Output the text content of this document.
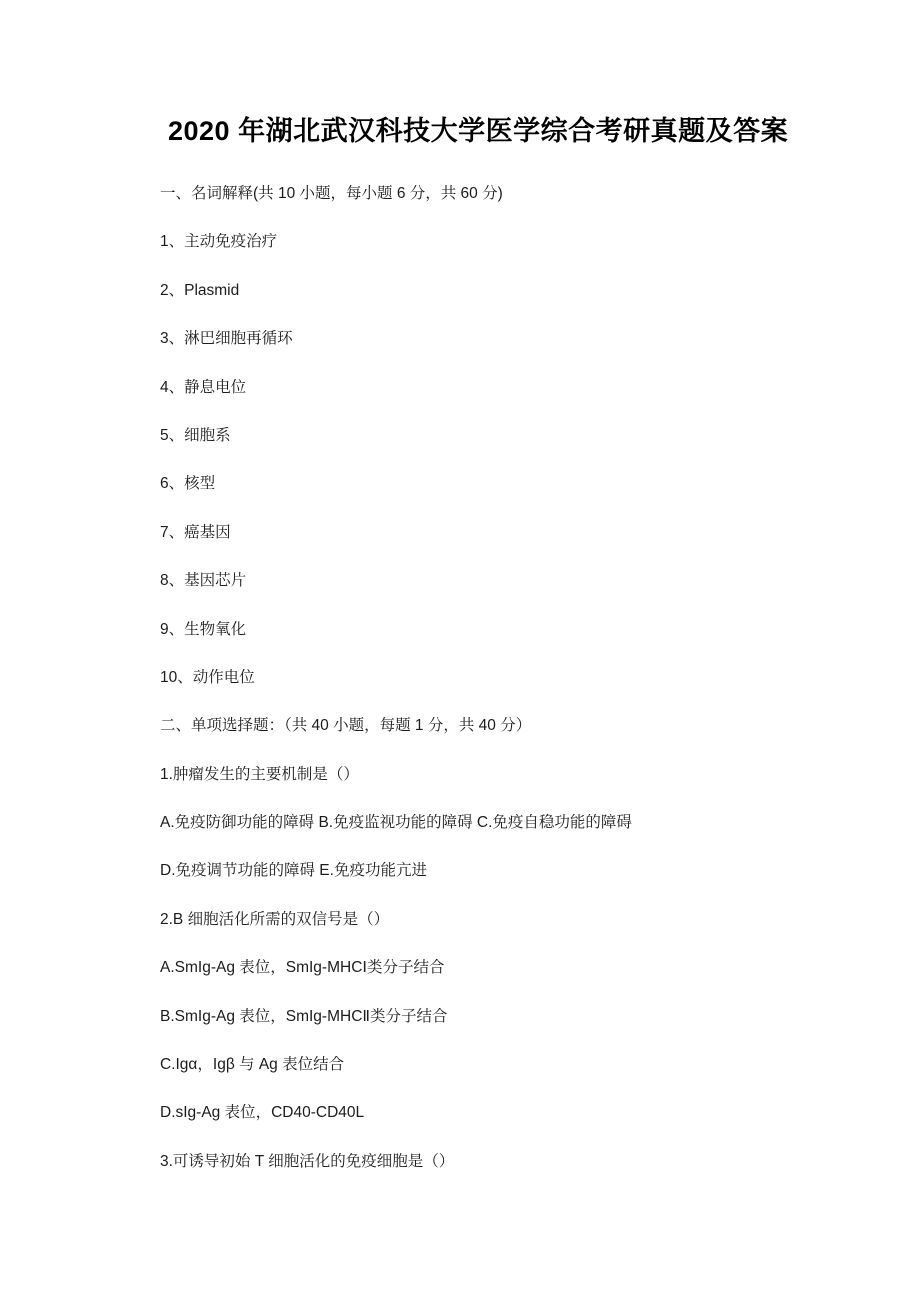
2020 年湖北武汉科技大学医学综合考研真题及答案

一、名词解释(共 10 小题，每小题 6 分，共 60 分)

1、主动免疫治疗

2、Plasmid

3、淋巴细胞再循环

4、静息电位

5、细胞系

6、核型

7、癌基因

8、基因芯片

9、生物氧化

10、动作电位

二、单项选择题：（共 40 小题，每题 1 分，共 40 分）

1.肿瘤发生的主要机制是（）

A.免疫防御功能的障碍 B.免疫监视功能的障碍 C.免疫自稳功能的障碍

D.免疫调节功能的障碍 E.免疫功能亢进

2.B 细胞活化所需的双信号是（）

A.SmIg-Ag 表位，SmIg-MHCⅠ类分子结合

B.SmIg-Ag 表位，SmIg-MHCⅡ类分子结合

C.Igα，Igβ 与 Ag 表位结合

D.sIg-Ag 表位，CD40-CD40L

3.可诱导初始 T 细胞活化的免疫细胞是（）
